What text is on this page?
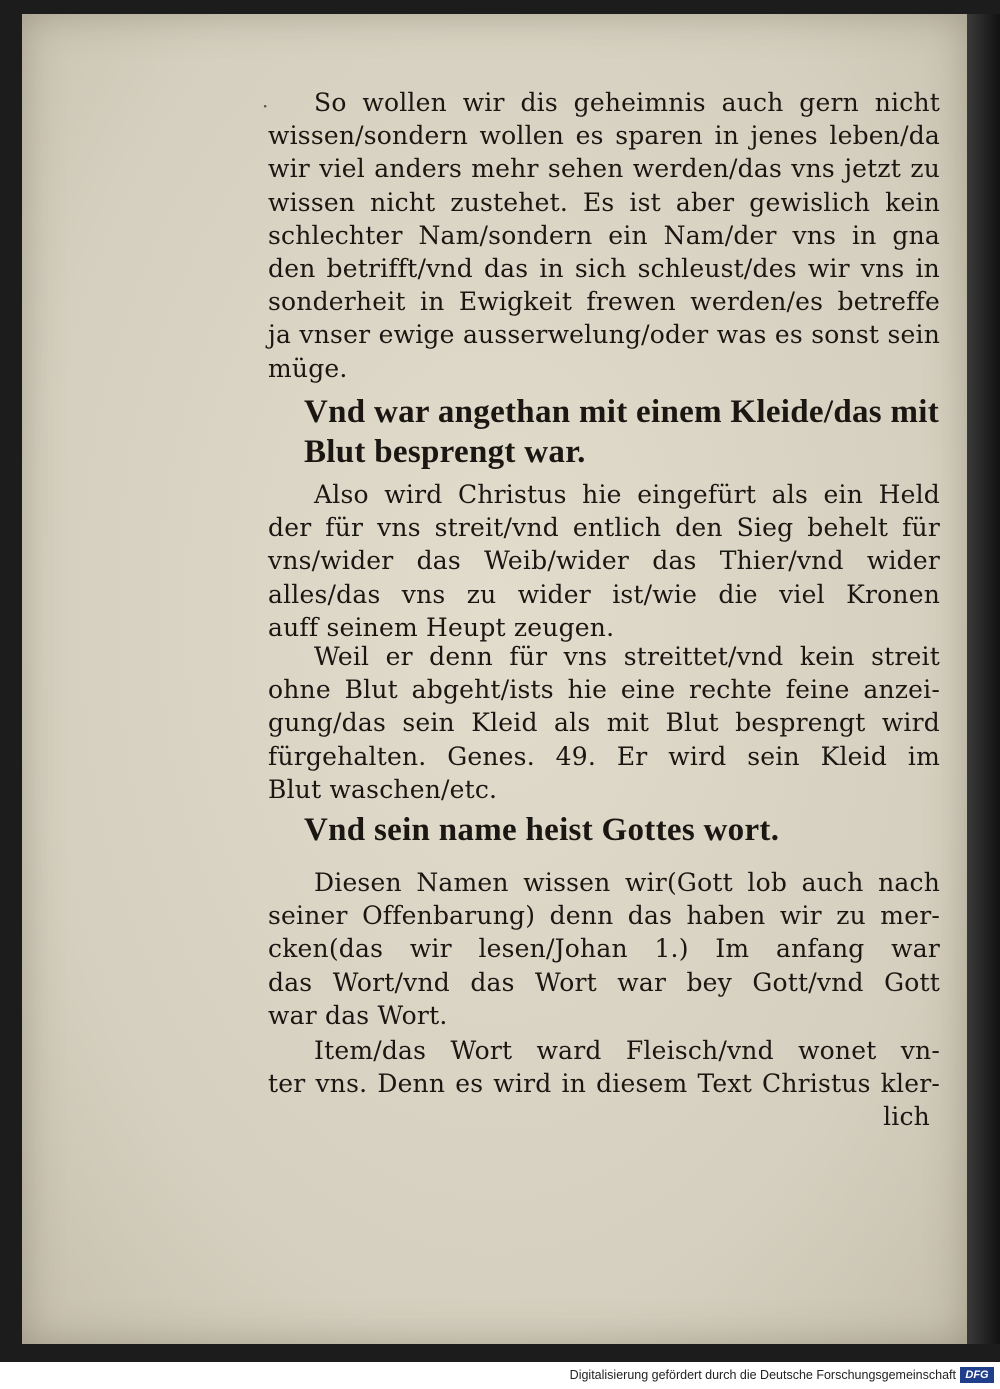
·	So wollen wir dis geheimnis auch gern nicht
wissen/sondern wollen es sparen in jenes leben/da
wir viel anders mehr sehen werden/das vns jetzt zu
wissen nicht zustehet. Es ist aber gewislich kein
schlechter Nam/sondern ein Nam/der vns in gna
den betrifft/vnd das in sich schleust/des wir vns in
sonderheit in Ewigkeit frewen werden/es betreffe
ja vnser ewige ausserwelung/oder was es sonst sein
müge.
Vnd war angethan mit einem Kleide/das mit
Blut besprengt war.
Also wird Christus hie eingefürt als ein Held
der für vns streit/vnd entlich den Sieg behelt für
vns/wider das Weib/wider das Thier/vnd wider
alles/das vns zu wider ist/wie die viel Kronen
auff seinem Heupt zeugen.
Weil er denn für vns streittet/vnd kein streit
ohne Blut abgeht/ists hie eine rechte feine anzei-
gung/das sein Kleid als mit Blut besprengt wird
fürgehalten. Genes. 49. Er wird sein Kleid im
Blut waschen/etc.
Vnd sein name heist Gottes wort.
Diesen Namen wissen wir(Gott lob auch nach
seiner Offenbarung) denn das haben wir zu mer-
cken(das wir lesen/Johan 1.) Im anfang war
das Wort/vnd das Wort war bey Gott/vnd Gott
war das Wort.
Item/das Wort ward Fleisch/vnd wonet vn-
ter vns. Denn es wird in diesem Text Christus kler-
lich
Digitalisierung gefördert durch die Deutsche Forschungsgemeinschaft DFG
